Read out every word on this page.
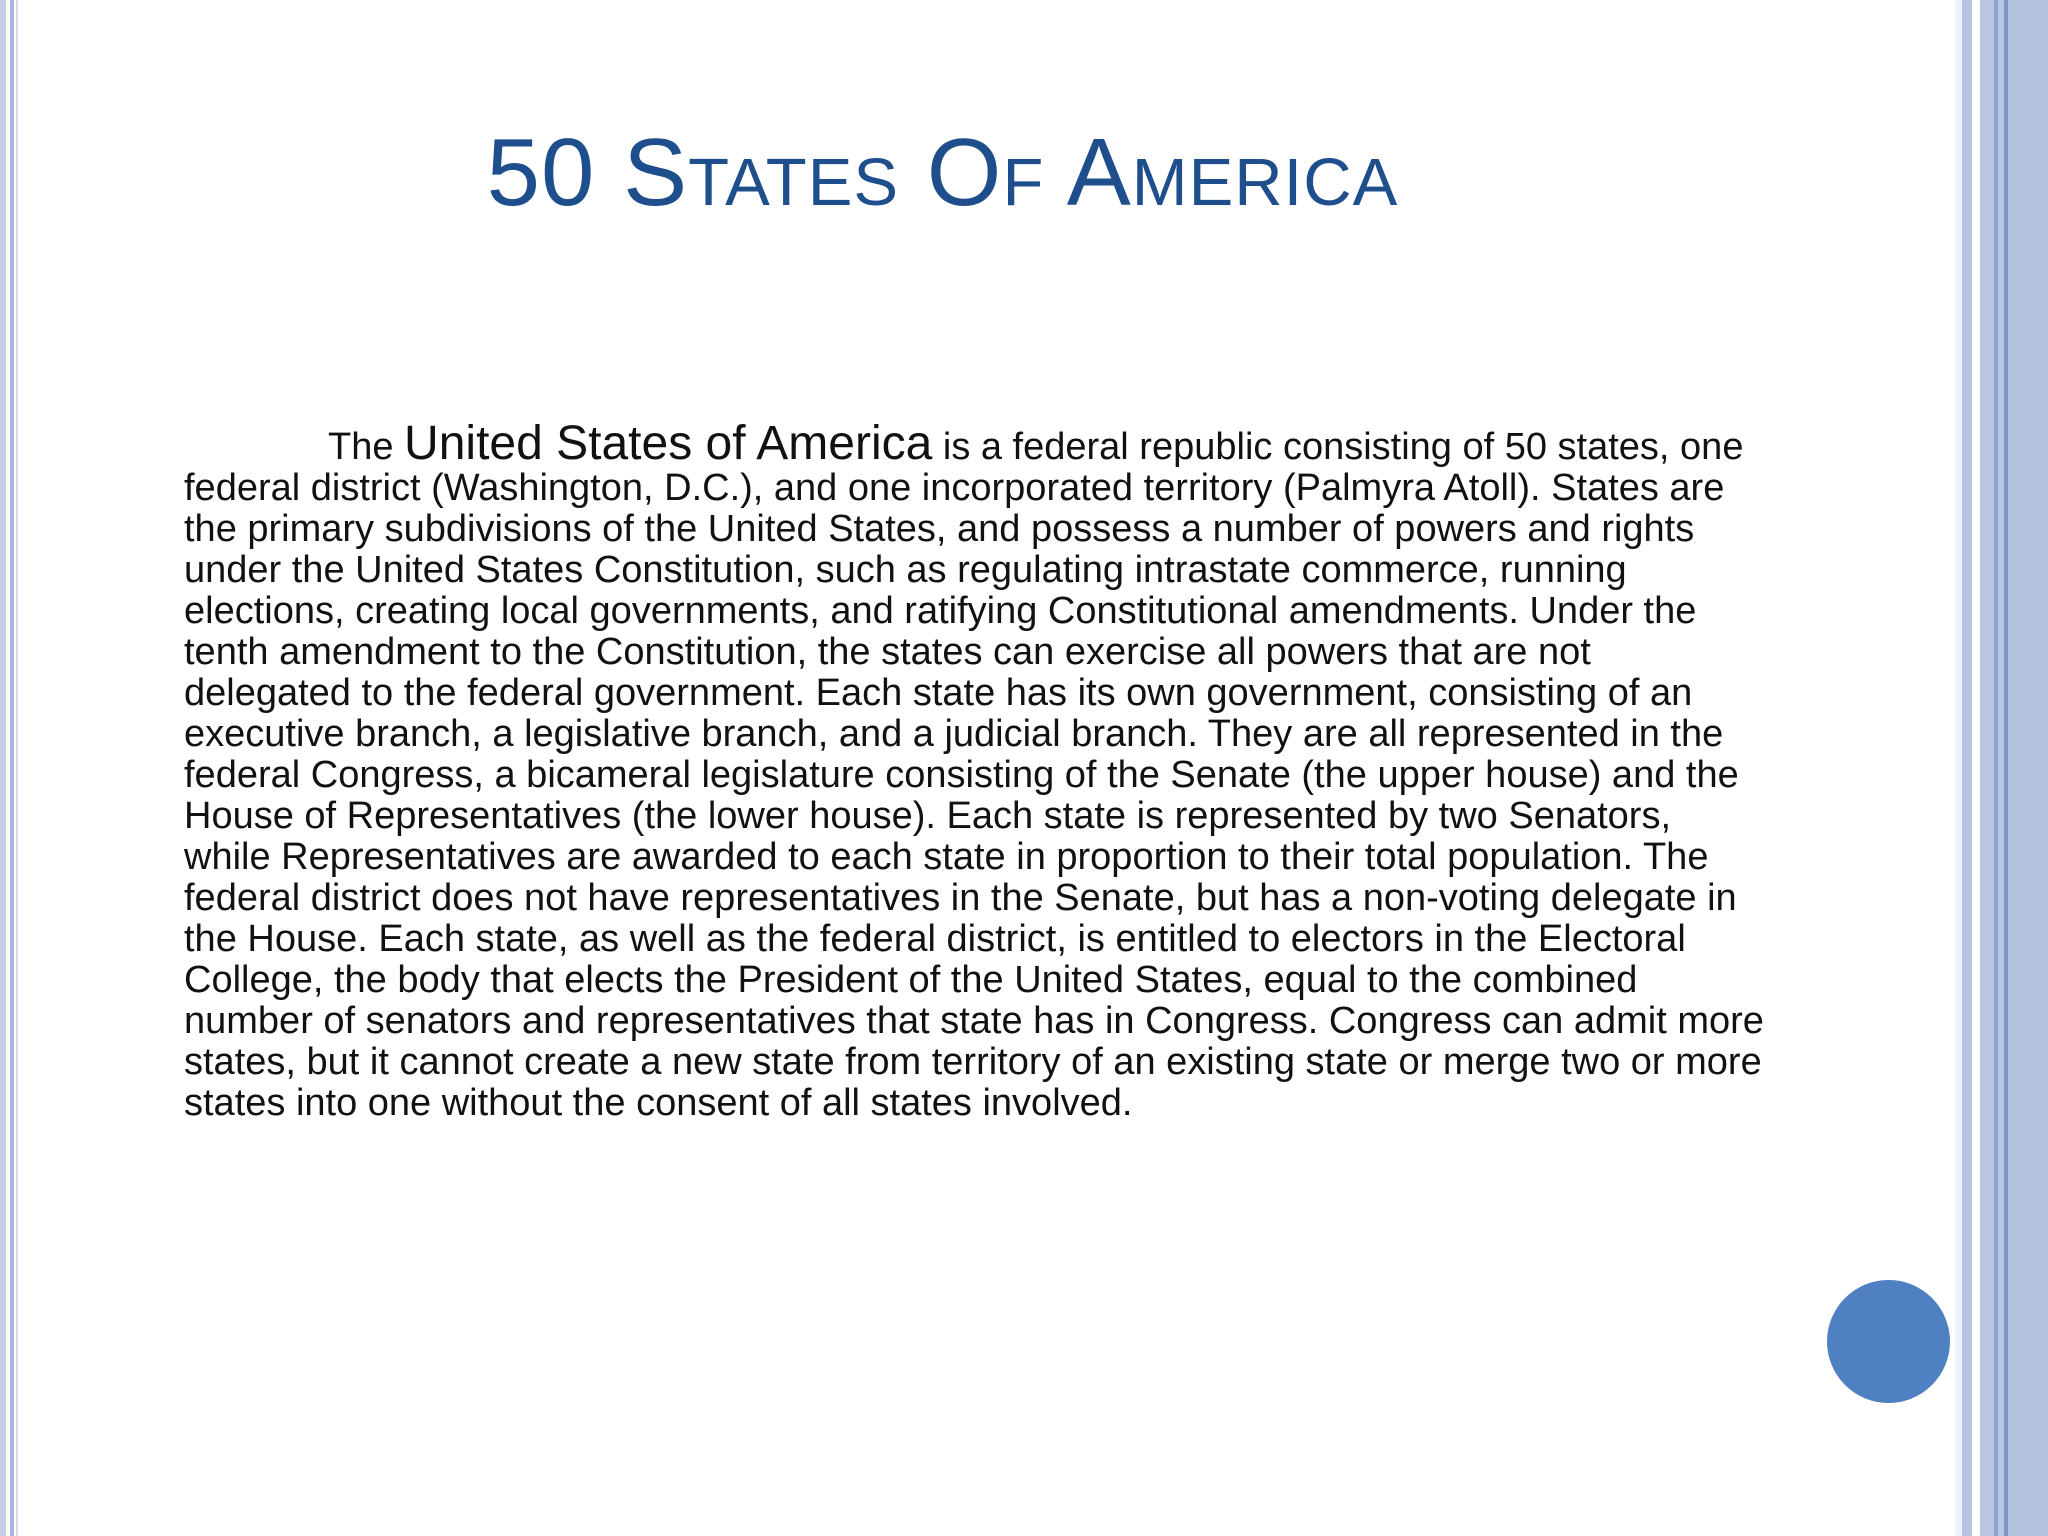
50 States Of America

The United States of America is a federal republic consisting of 50 states, one federal district (Washington, D.C.), and one incorporated territory (Palmyra Atoll). States are the primary subdivisions of the United States, and possess a number of powers and rights under the United States Constitution, such as regulating intrastate commerce, running elections, creating local governments, and ratifying Constitutional amendments. Under the tenth amendment to the Constitution, the states can exercise all powers that are not delegated to the federal government. Each state has its own government, consisting of an executive branch, a legislative branch, and a judicial branch. They are all represented in the federal Congress, a bicameral legislature consisting of the Senate (the upper house) and the House of Representatives (the lower house). Each state is represented by two Senators, while Representatives are awarded to each state in proportion to their total population. The federal district does not have representatives in the Senate, but has a non-voting delegate in the House. Each state, as well as the federal district, is entitled to electors in the Electoral College, the body that elects the President of the United States, equal to the combined number of senators and representatives that state has in Congress. Congress can admit more states, but it cannot create a new state from territory of an existing state or merge two or more states into one without the consent of all states involved.
